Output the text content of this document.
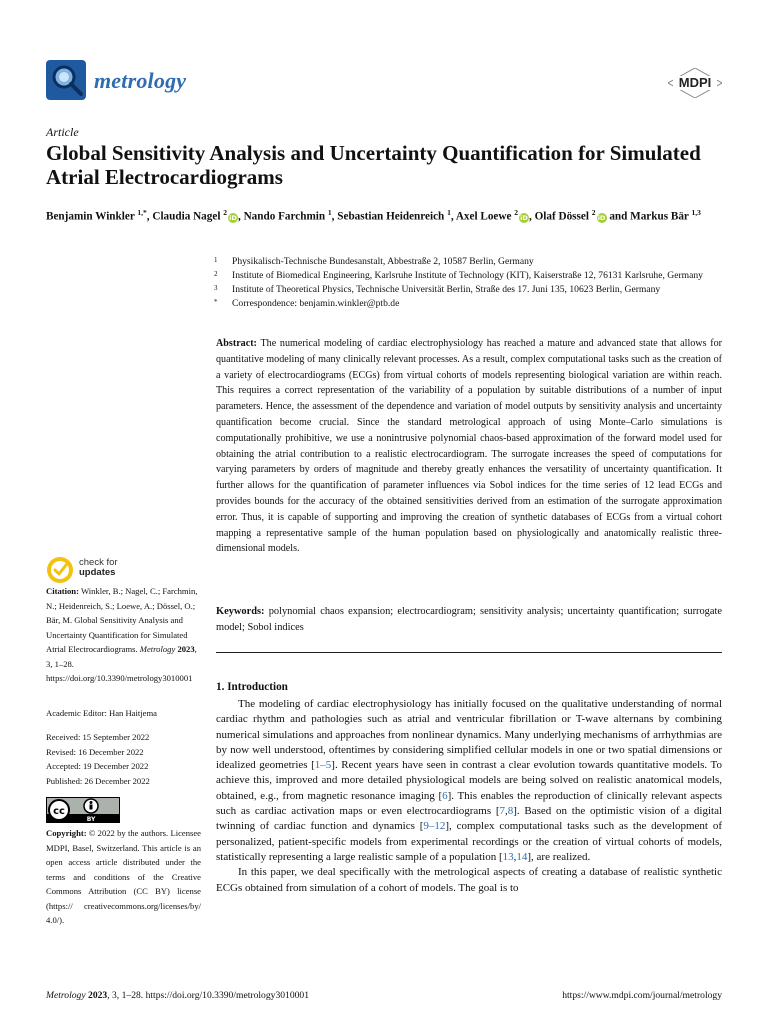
metrology	MDPI
Article
Global Sensitivity Analysis and Uncertainty Quantification for Simulated Atrial Electrocardiograms
Benjamin Winkler $^{1,*}$, Claudia Nagel $^2$iD, Nando Farchmin $^1$, Sebastian Heidenreich $^1$, Axel Loewe $^2$iD, Olaf Dössel $^2$iD and Markus Bär $^{1,3}$
1 Physikalisch-Technische Bundesanstalt, Abbestraße 2, 10587 Berlin, Germany
2 Institute of Biomedical Engineering, Karlsruhe Institute of Technology (KIT), Kaiserstraße 12, 76131 Karlsruhe, Germany
3 Institute of Theoretical Physics, Technische Universität Berlin, Straße des 17. Juni 135, 10623 Berlin, Germany
* Correspondence: benjamin.winkler@ptb.de
Abstract: The numerical modeling of cardiac electrophysiology has reached a mature and advanced state that allows for quantitative modeling of many clinically relevant processes. As a result, complex computational tasks such as the creation of a variety of electrocardiograms (ECGs) from virtual cohorts of models representing biological variation are within reach. This requires a correct representation of the variability of a population by suitable distributions of a number of input parameters. Hence, the assessment of the dependence and variation of model outputs by sensitivity analysis and uncertainty quantification become crucial. Since the standard metrological approach of using Monte–Carlo simulations is computationally prohibitive, we use a nonintrusive polynomial chaos-based approximation of the forward model used for obtaining the atrial contribution to a realistic electrocardiogram. The surrogate increases the speed of computations for varying parameters by orders of magnitude and thereby greatly enhances the versatility of uncertainty quantification. It further allows for the quantification of parameter influences via Sobol indices for the time series of 12 lead ECGs and provides bounds for the accuracy of the obtained sensitivities derived from an estimation of the surrogate approximation error. Thus, it is capable of supporting and improving the creation of synthetic databases of ECGs from a virtual cohort mapping a representative sample of the human population based on physiologically and anatomically realistic three-dimensional models.
Keywords: polynomial chaos expansion; electrocardiogram; sensitivity analysis; uncertainty quantification; surrogate model; Sobol indices
1. Introduction

The modeling of cardiac electrophysiology has initially focused on the qualitative understanding of normal cardiac rhythm and pathologies such as atrial and ventricular fibrillation or T-wave alternans by combining numerical simulations and approaches from nonlinear dynamics. Many underlying mechanisms of arrhythmias are by now well understood, oftentimes by considering simplified cellular models in one or two spatial dimensions or idealized geometries [1–5]. Recent years have seen in contrast a clear evolution towards quantitative models. To achieve this, improved and more detailed physiological models are being solved on realistic anatomical models, obtained, e.g., from magnetic resonance imaging [6]. This enables the reproduction of clinically relevant aspects such as cardiac activation maps or even electrocardiograms [7,8]. Based on the optimistic vision of a digital twinning of cardiac function and dynamics [9–12], complex computational tasks such as the development of personalized, patient-specific models from experimental recordings or the creation of virtual cohorts of models, statistically representing a large realistic sample of a population [13,14], are realized.

In this paper, we deal specifically with the metrological aspects of creating a database of realistic synthetic ECGs obtained from simulation of a cohort of models. The goal is to

check for
updates
Citation: Winkler, B.; Nagel, C.; Farchmin, N.; Heidenreich, S.; Loewe, A.; Dössel, O.; Bär, M. Global Sensitivity Analysis and Uncertainty Quantification for Simulated Atrial Electrocardiograms. Metrology 2023, 3, 1–28. https://doi.org/10.3390/metrology3010001
Academic Editor: Han Haitjema
Received: 15 September 2022
Revised: 16 December 2022
Accepted: 19 December 2022
Published: 26 December 2022
cc
BY
Copyright: © 2022 by the authors. Licensee MDPI, Basel, Switzerland. This article is an open access article distributed under the terms and conditions of the Creative Commons Attribution (CC BY) license (https:// creativecommons.org/licenses/by/ 4.0/).
Metrology 2023, 3, 1–28. https://doi.org/10.3390/metrology3010001	https://www.mdpi.com/journal/metrology
